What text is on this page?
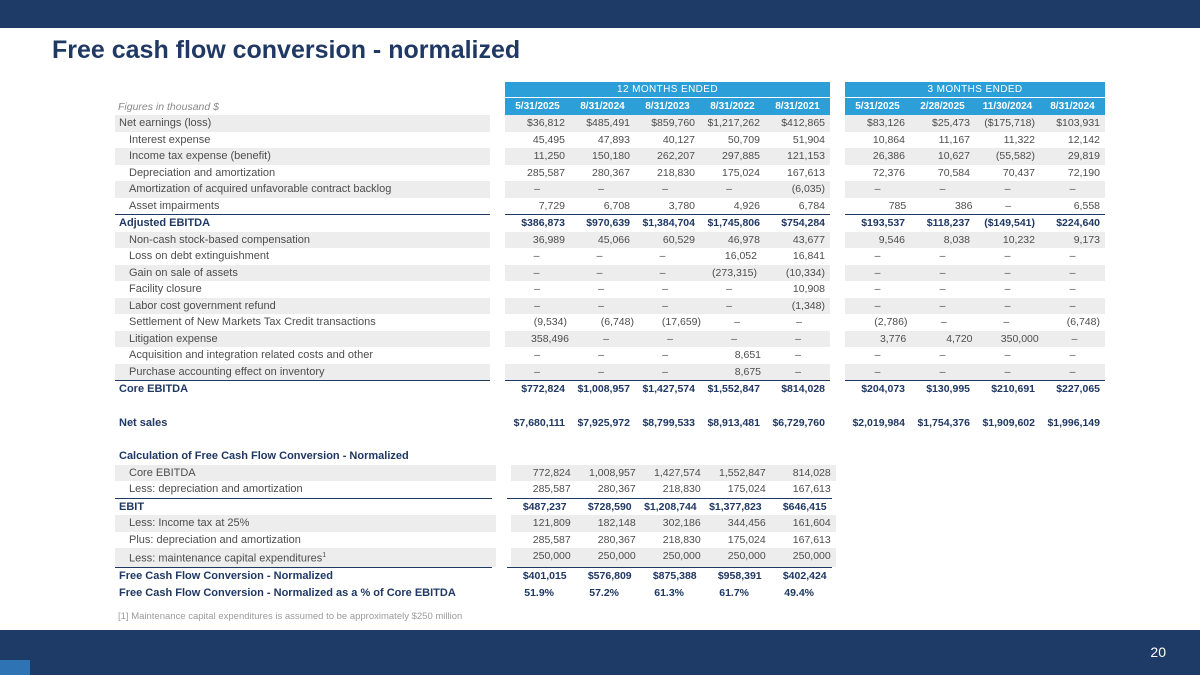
Free cash flow conversion - normalized
12 MONTHS ENDED	3 MONTHS ENDED
Figures in thousand $	5/31/2025	8/31/2024	8/31/2023	8/31/2022	8/31/2021	5/31/2025	2/28/2025	11/30/2024	8/31/2024
Net earnings (loss)	$36,812	$485,491	$859,760	$1,217,262	$412,865	$83,126	$25,473	($175,718)	$103,931
Interest expense	45,495	47,893	40,127	50,709	51,904	10,864	11,167	11,322	12,142
Income tax expense (benefit)	11,250	150,180	262,207	297,885	121,153	26,386	10,627	(55,582)	29,819
Depreciation and amortization	285,587	280,367	218,830	175,024	167,613	72,376	70,584	70,437	72,190
Amortization of acquired unfavorable contract backlog	–	–	–	–	(6,035)	–	–	–	–
Asset impairments	7,729	6,708	3,780	4,926	6,784	785	386	–	6,558
Adjusted EBITDA	$386,873	$970,639	$1,384,704	$1,745,806	$754,284	$193,537	$118,237	($149,541)	$224,640
Non-cash stock-based compensation	36,989	45,066	60,529	46,978	43,677	9,546	8,038	10,232	9,173
Loss on debt extinguishment	–	–	–	16,052	16,841	–	–	–	–
Gain on sale of assets	–	–	–	(273,315)	(10,334)	–	–	–	–
Facility closure	–	–	–	–	10,908	–	–	–	–
Labor cost government refund	–	–	–	–	(1,348)	–	–	–	–
Settlement of New Markets Tax Credit transactions	(9,534)	(6,748)	(17,659)	–	–	(2,786)	–	–	(6,748)
Litigation expense	358,496	–	–	–	–	3,776	4,720	350,000	–
Acquisition and integration related costs and other	–	–	–	8,651	–	–	–	–	–
Purchase accounting effect on inventory	–	–	–	8,675	–	–	–	–	–
Core EBITDA	$772,824	$1,008,957	$1,427,574	$1,552,847	$814,028	$204,073	$130,995	$210,691	$227,065
Net sales	$7,680,111	$7,925,972	$8,799,533	$8,913,481	$6,729,760	$2,019,984	$1,754,376	$1,909,602	$1,996,149
Calculation of Free Cash Flow Conversion - Normalized
Core EBITDA	772,824	1,008,957	1,427,574	1,552,847	814,028
Less: depreciation and amortization	285,587	280,367	218,830	175,024	167,613
EBIT	$487,237	$728,590	$1,208,744	$1,377,823	$646,415
Less: Income tax at 25%	121,809	182,148	302,186	344,456	161,604
Plus: depreciation and amortization	285,587	280,367	218,830	175,024	167,613
Less: maintenance capital expenditures$^1$	250,000	250,000	250,000	250,000	250,000
Free Cash Flow Conversion - Normalized	$401,015	$576,809	$875,388	$958,391	$402,424
Free Cash Flow Conversion - Normalized as a % of Core EBITDA	51.9%	57.2%	61.3%	61.7%	49.4%
[1] Maintenance capital expenditures is assumed to be approximately $250 million
20
